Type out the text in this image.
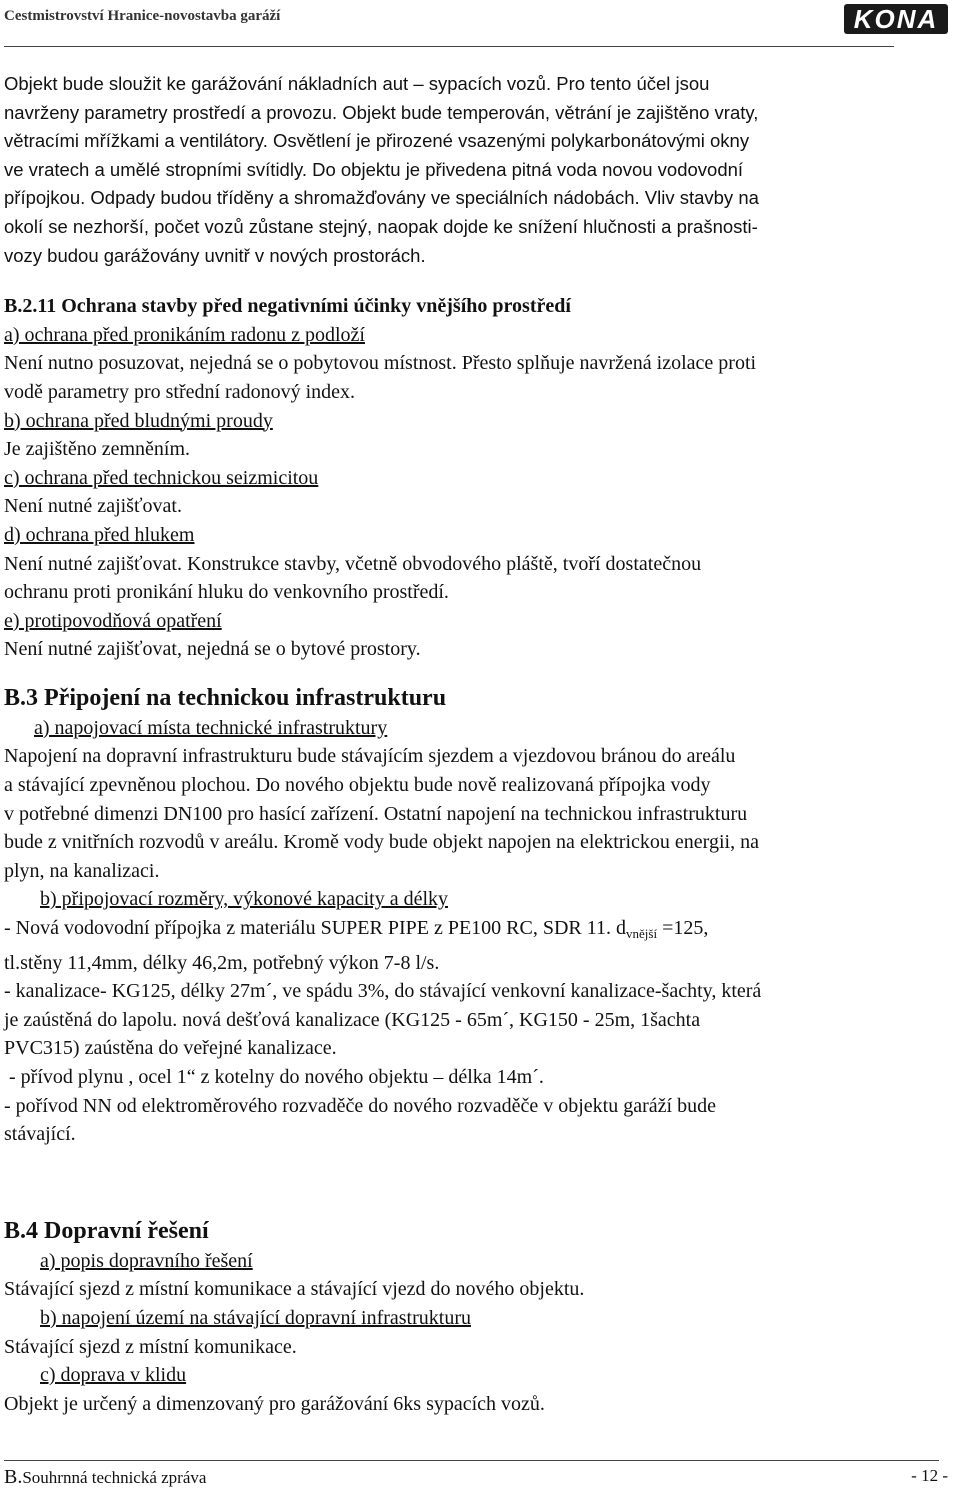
Cestmistrovství Hranice-novostavba garáží	KONA

Objekt bude sloužit ke garážování nákladních aut – sypacích vozů. Pro tento účel jsou

navrženy parametry prostředí a provozu. Objekt bude temperován, větrání je zajištěno vraty,

větracími mřížkami a ventilátory. Osvětlení je přirozené vsazenými polykarbonátovými okny

ve vratech a umělé stropními svítidly. Do objektu je přivedena pitná voda novou vodovodní

přípojkou. Odpady budou tříděny a shromažďovány ve speciálních nádobách. Vliv stavby na

okolí se nezhorší, počet vozů zůstane stejný, naopak dojde ke snížení hlučnosti a prašnosti-

vozy budou garážovány uvnitř v nových prostorách.

B.2.11 Ochrana stavby před negativními účinky vnějšího prostředí

a) ochrana před pronikáním radonu z podloží

Není nutno posuzovat, nejedná se o pobytovou místnost. Přesto splňuje navržená izolace proti

vodě parametry pro střední radonový index.

b) ochrana před bludnými proudy

Je zajištěno zemněním.

c) ochrana před technickou seizmicitou

Není nutné zajišťovat.

d) ochrana před hlukem

Není nutné zajišťovat. Konstrukce stavby, včetně obvodového pláště, tvoří dostatečnou

ochranu proti pronikání hluku do venkovního prostředí.

e) protipovodňová opatření

Není nutné zajišťovat, nejedná se o bytové prostory.

B.3 Připojení na technickou infrastrukturu

a) napojovací místa technické infrastruktury

Napojení na dopravní infrastrukturu bude stávajícím sjezdem a vjezdovou bránou do areálu

a stávající zpevněnou plochou. Do nového objektu bude nově realizovaná přípojka vody

v potřebné dimenzi DN100 pro hasící zařízení. Ostatní napojení na technickou infrastrukturu

bude z vnitřních rozvodů v areálu. Kromě vody bude objekt napojen na elektrickou energii, na

plyn, na kanalizaci.

b) připojovací rozměry, výkonové kapacity a délky

- Nová vodovodní přípojka z materiálu SUPER PIPE z PE100 RC, SDR 11. $d_{vnější} =125$,

tl.stěny 11,4mm, délky 46,2m, potřebný výkon 7-8 l/s.

- kanalizace- KG125, délky 27m´, ve spádu 3%, do stávající venkovní kanalizace-šachty, která

je zaústěná do lapolu. nová dešťová kanalizace (KG125 - 65m´, KG150 - 25m, 1šachta

PVC315) zaústěna do veřejné kanalizace.

- přívod plynu , ocel 1“ z kotelny do nového objektu – délka 14m´.

- pořívod NN od elektroměrového rozvaděče do nového rozvaděče v objektu garáží bude

stávající.

B.4 Dopravní řešení

a) popis dopravního řešení

Stávající sjezd z místní komunikace a stávající vjezd do nového objektu.

b) napojení území na stávající dopravní infrastrukturu

Stávající sjezd z místní komunikace.

c) doprava v klidu

Objekt je určený a dimenzovaný pro garážování 6ks sypacích vozů.

B.Souhrnná technická zpráva	- 12 -
